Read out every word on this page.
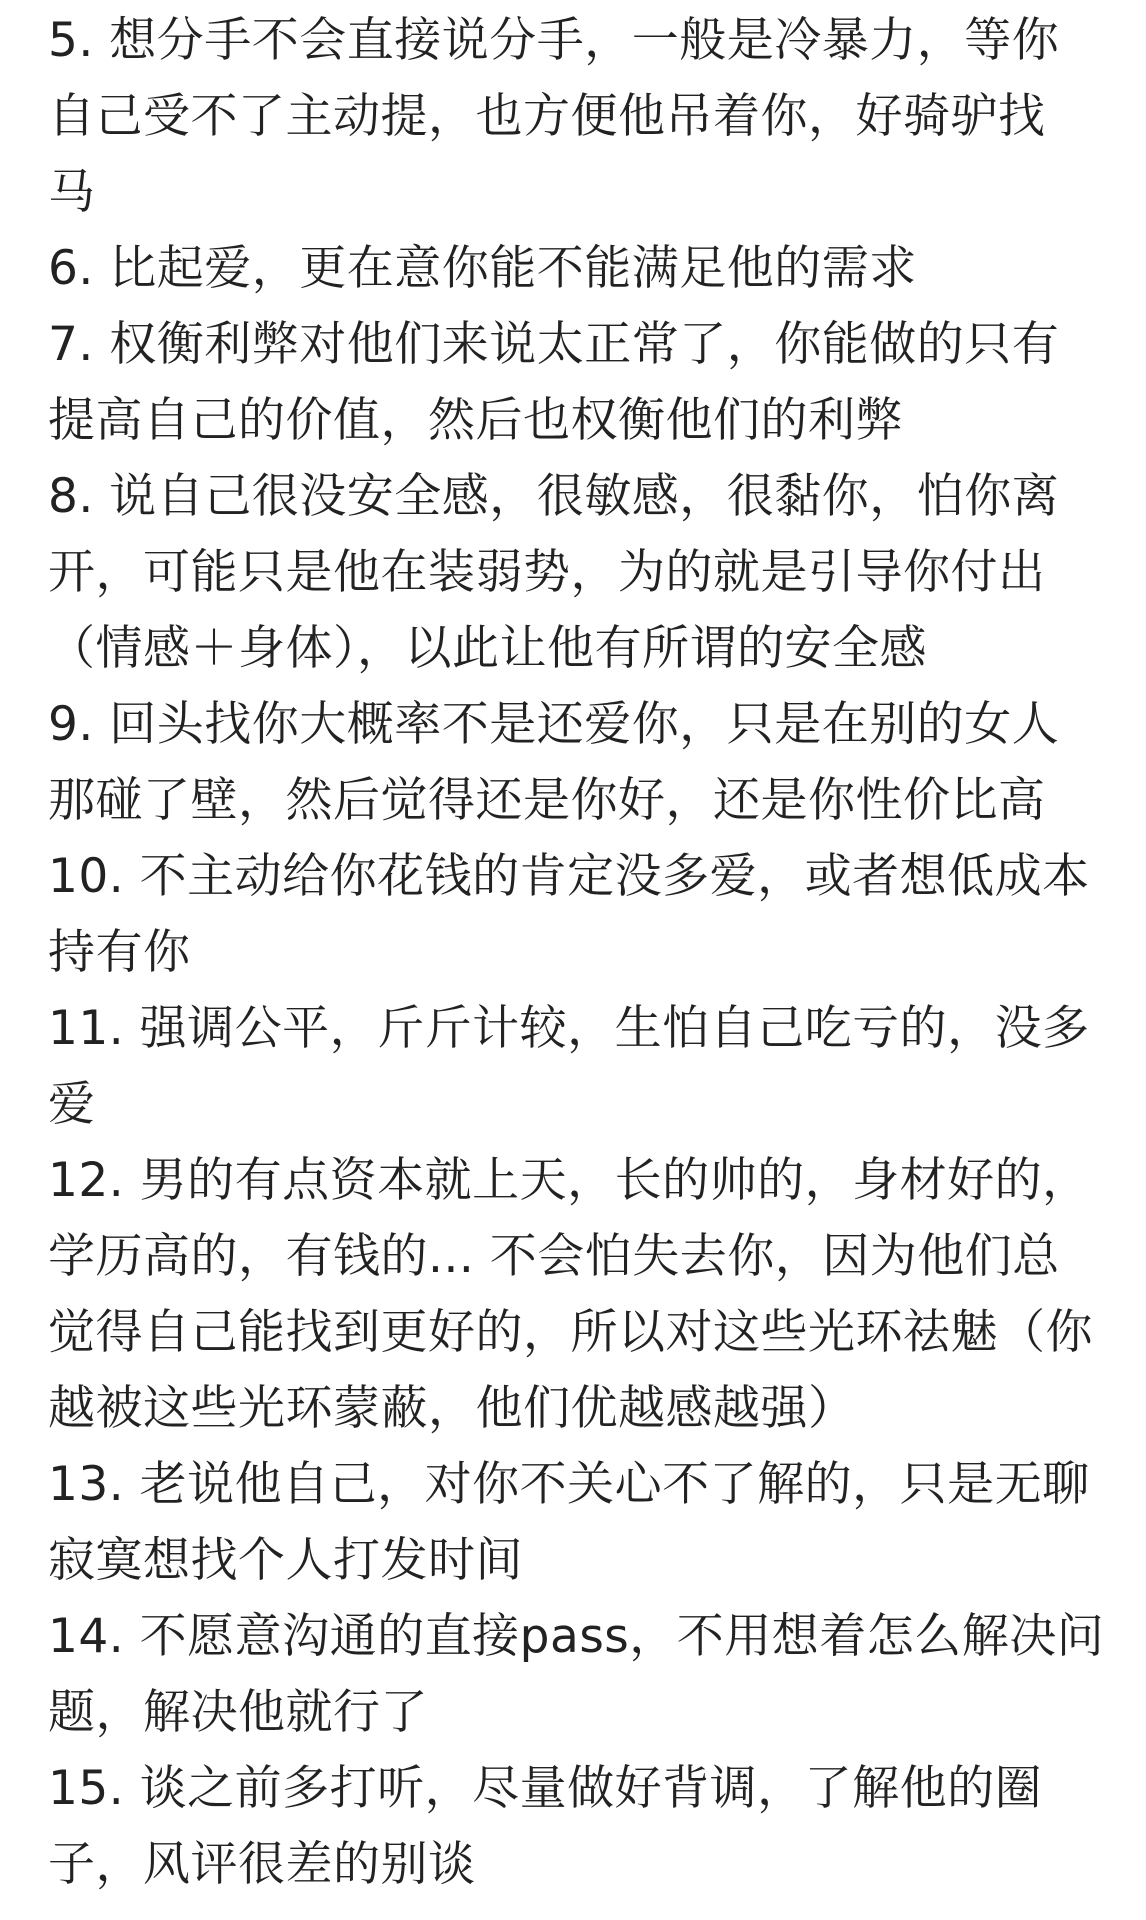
5. 想分手不会直接说分手，一般是冷暴力，等你
自己受不了主动提，也方便他吊着你，好骑驴找
马
6. 比起爱，更在意你能不能满足他的需求
7. 权衡利弊对他们来说太正常了，你能做的只有
提高自己的价值，然后也权衡他们的利弊
8. 说自己很没安全感，很敏感，很黏你，怕你离
开，可能只是他在装弱势，为的就是引导你付出
（情感＋身体），以此让他有所谓的安全感
9. 回头找你大概率不是还爱你，只是在别的女人
那碰了壁，然后觉得还是你好，还是你性价比高
10. 不主动给你花钱的肯定没多爱，或者想低成本
持有你
11. 强调公平，斤斤计较，生怕自己吃亏的，没多
爱
12. 男的有点资本就上天，长的帅的，身材好的，
学历高的，有钱的... 不会怕失去你，因为他们总
觉得自己能找到更好的，所以对这些光环祛魅（你
越被这些光环蒙蔽，他们优越感越强）
13. 老说他自己，对你不关心不了解的，只是无聊
寂寞想找个人打发时间
14. 不愿意沟通的直接pass，不用想着怎么解决问
题，解决他就行了
15. 谈之前多打听，尽量做好背调，了解他的圈
子，风评很差的别谈
